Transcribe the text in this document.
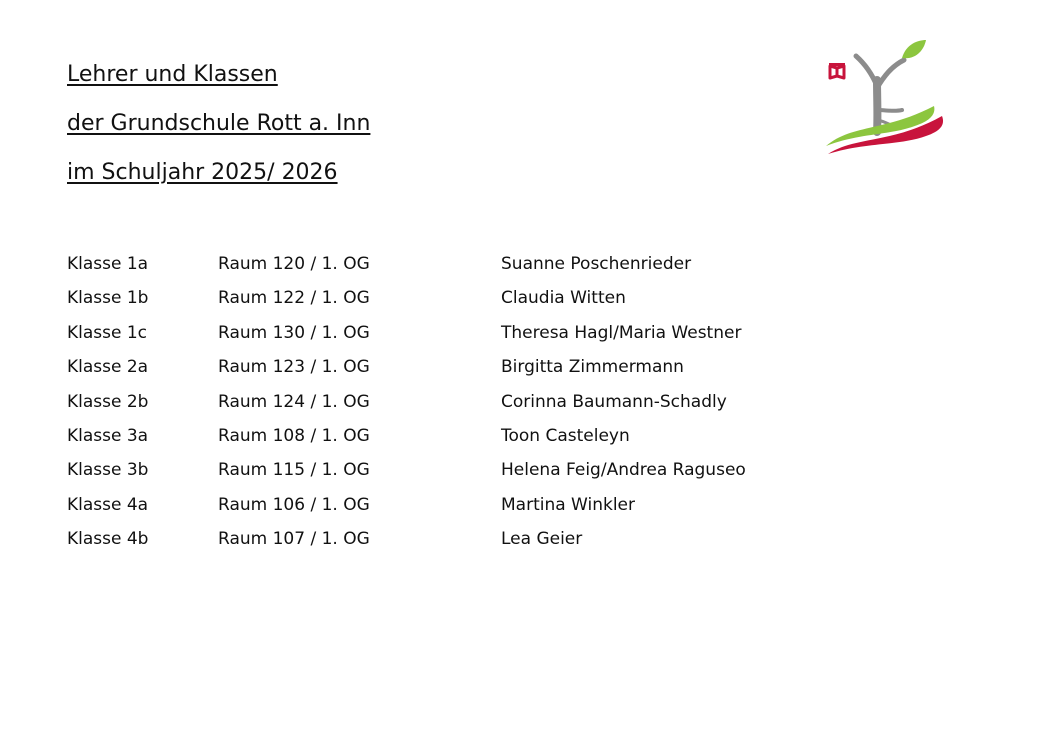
Lehrer und Klassen
der Grundschule Rott a. Inn
im Schuljahr 2025/ 2026
Klasse 1a	Raum 120 / 1. OG	Suanne Poschenrieder
Klasse 1b	Raum 122 / 1. OG	Claudia Witten
Klasse 1c	Raum 130 / 1. OG	Theresa Hagl/Maria Westner
Klasse 2a	Raum 123 / 1. OG	Birgitta Zimmermann
Klasse 2b	Raum 124 / 1. OG	Corinna Baumann-Schadly
Klasse 3a	Raum 108 / 1. OG	Toon Casteleyn
Klasse 3b	Raum 115 / 1. OG	Helena Feig/Andrea Raguseo
Klasse 4a	Raum 106 / 1. OG	Martina Winkler
Klasse 4b	Raum 107 / 1. OG	Lea Geier
